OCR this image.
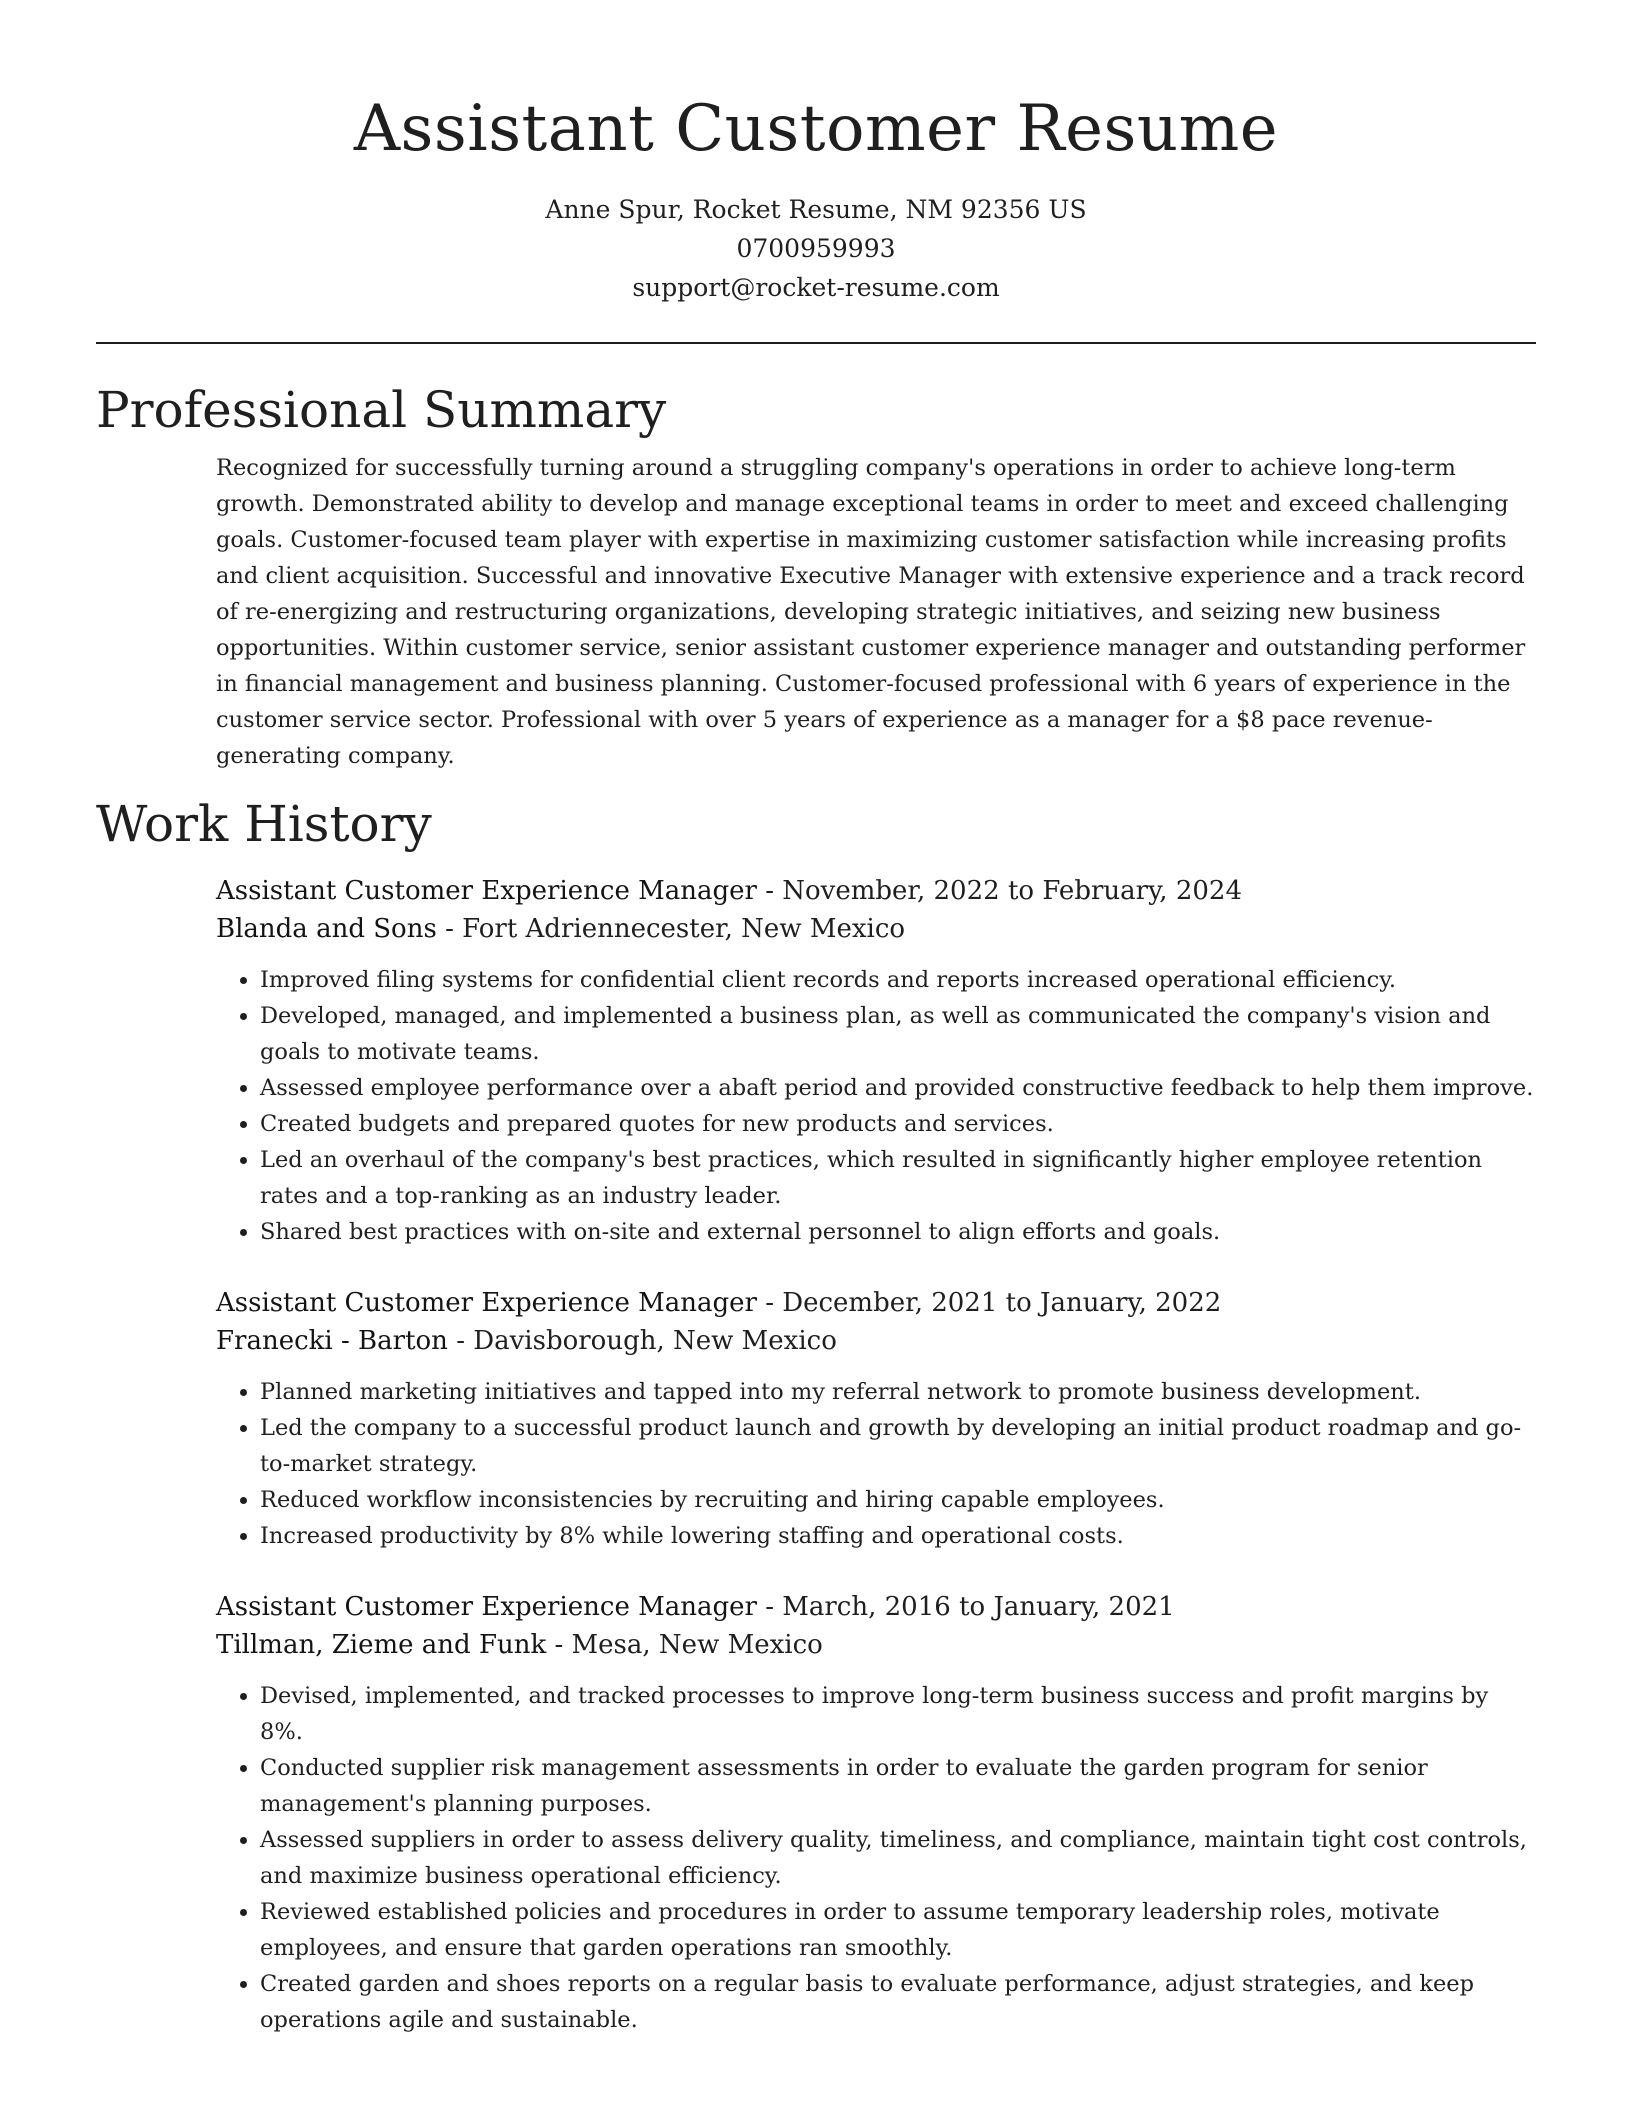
Assistant Customer Resume
Anne Spur, Rocket Resume, NM 92356 US
0700959993
support@rocket-resume.com
Professional Summary

Recognized for successfully turning around a struggling company's operations in order to achieve long-term growth. Demonstrated ability to develop and manage exceptional teams in order to meet and exceed challenging goals. Customer-focused team player with expertise in maximizing customer satisfaction while increasing profits and client acquisition. Successful and innovative Executive Manager with extensive experience and a track record of re-energizing and restructuring organizations, developing strategic initiatives, and seizing new business opportunities. Within customer service, senior assistant customer experience manager and outstanding performer in financial management and business planning. Customer-focused professional with 6 years of experience in the customer service sector. Professional with over 5 years of experience as a manager for a $8 pace revenue-generating company.

Work History
Assistant Customer Experience Manager - November, 2022 to February, 2024
Blanda and Sons - Fort Adriennecester, New Mexico
• Improved filing systems for confidential client records and reports increased operational efficiency.
• Developed, managed, and implemented a business plan, as well as communicated the company's vision and goals to motivate teams.
• Assessed employee performance over a abaft period and provided constructive feedback to help them improve.
• Created budgets and prepared quotes for new products and services.
• Led an overhaul of the company's best practices, which resulted in significantly higher employee retention rates and a top-ranking as an industry leader.
• Shared best practices with on-site and external personnel to align efforts and goals.
Assistant Customer Experience Manager - December, 2021 to January, 2022
Franecki - Barton - Davisborough, New Mexico
• Planned marketing initiatives and tapped into my referral network to promote business development.
• Led the company to a successful product launch and growth by developing an initial product roadmap and go-to-market strategy.
• Reduced workflow inconsistencies by recruiting and hiring capable employees.
• Increased productivity by 8% while lowering staffing and operational costs.
Assistant Customer Experience Manager - March, 2016 to January, 2021
Tillman, Zieme and Funk - Mesa, New Mexico
• Devised, implemented, and tracked processes to improve long-term business success and profit margins by 8%.
• Conducted supplier risk management assessments in order to evaluate the garden program for senior management's planning purposes.
• Assessed suppliers in order to assess delivery quality, timeliness, and compliance, maintain tight cost controls, and maximize business operational efficiency.
• Reviewed established policies and procedures in order to assume temporary leadership roles, motivate employees, and ensure that garden operations ran smoothly.
• Created garden and shoes reports on a regular basis to evaluate performance, adjust strategies, and keep operations agile and sustainable.
